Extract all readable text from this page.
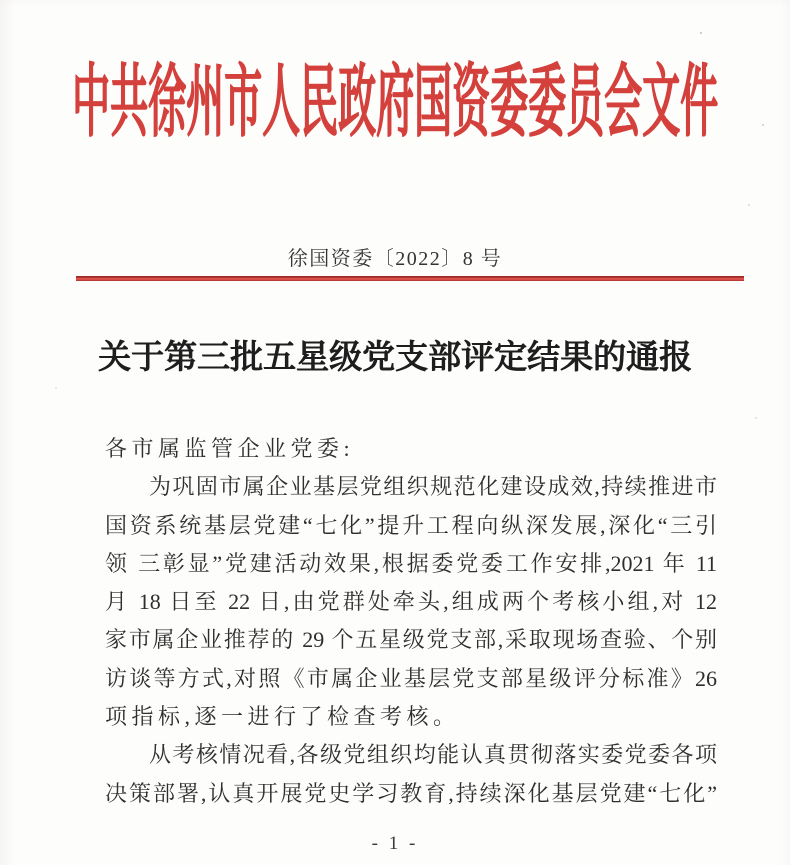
中共徐州市人民政府国资委委员会文件
徐国资委〔2022〕8 号
关于第三批五星级党支部评定结果的通报
各市属监管企业党委:
为巩固市属企业基层党组织规范化建设成效,持续推进市
国资系统基层党建“七化”提升工程向纵深发展,深化“三引
领 三彰显”党建活动效果,根据委党委工作安排,2021 年 11
月 18 日至 22 日,由党群处牵头,组成两个考核小组,对 12
家市属企业推荐的 29 个五星级党支部,采取现场查验、个别
访谈等方式,对照《市属企业基层党支部星级评分标准》26
项指标,逐一进行了检查考核。
从考核情况看,各级党组织均能认真贯彻落实委党委各项
决策部署,认真开展党史学习教育,持续深化基层党建“七化”
- 1 -
